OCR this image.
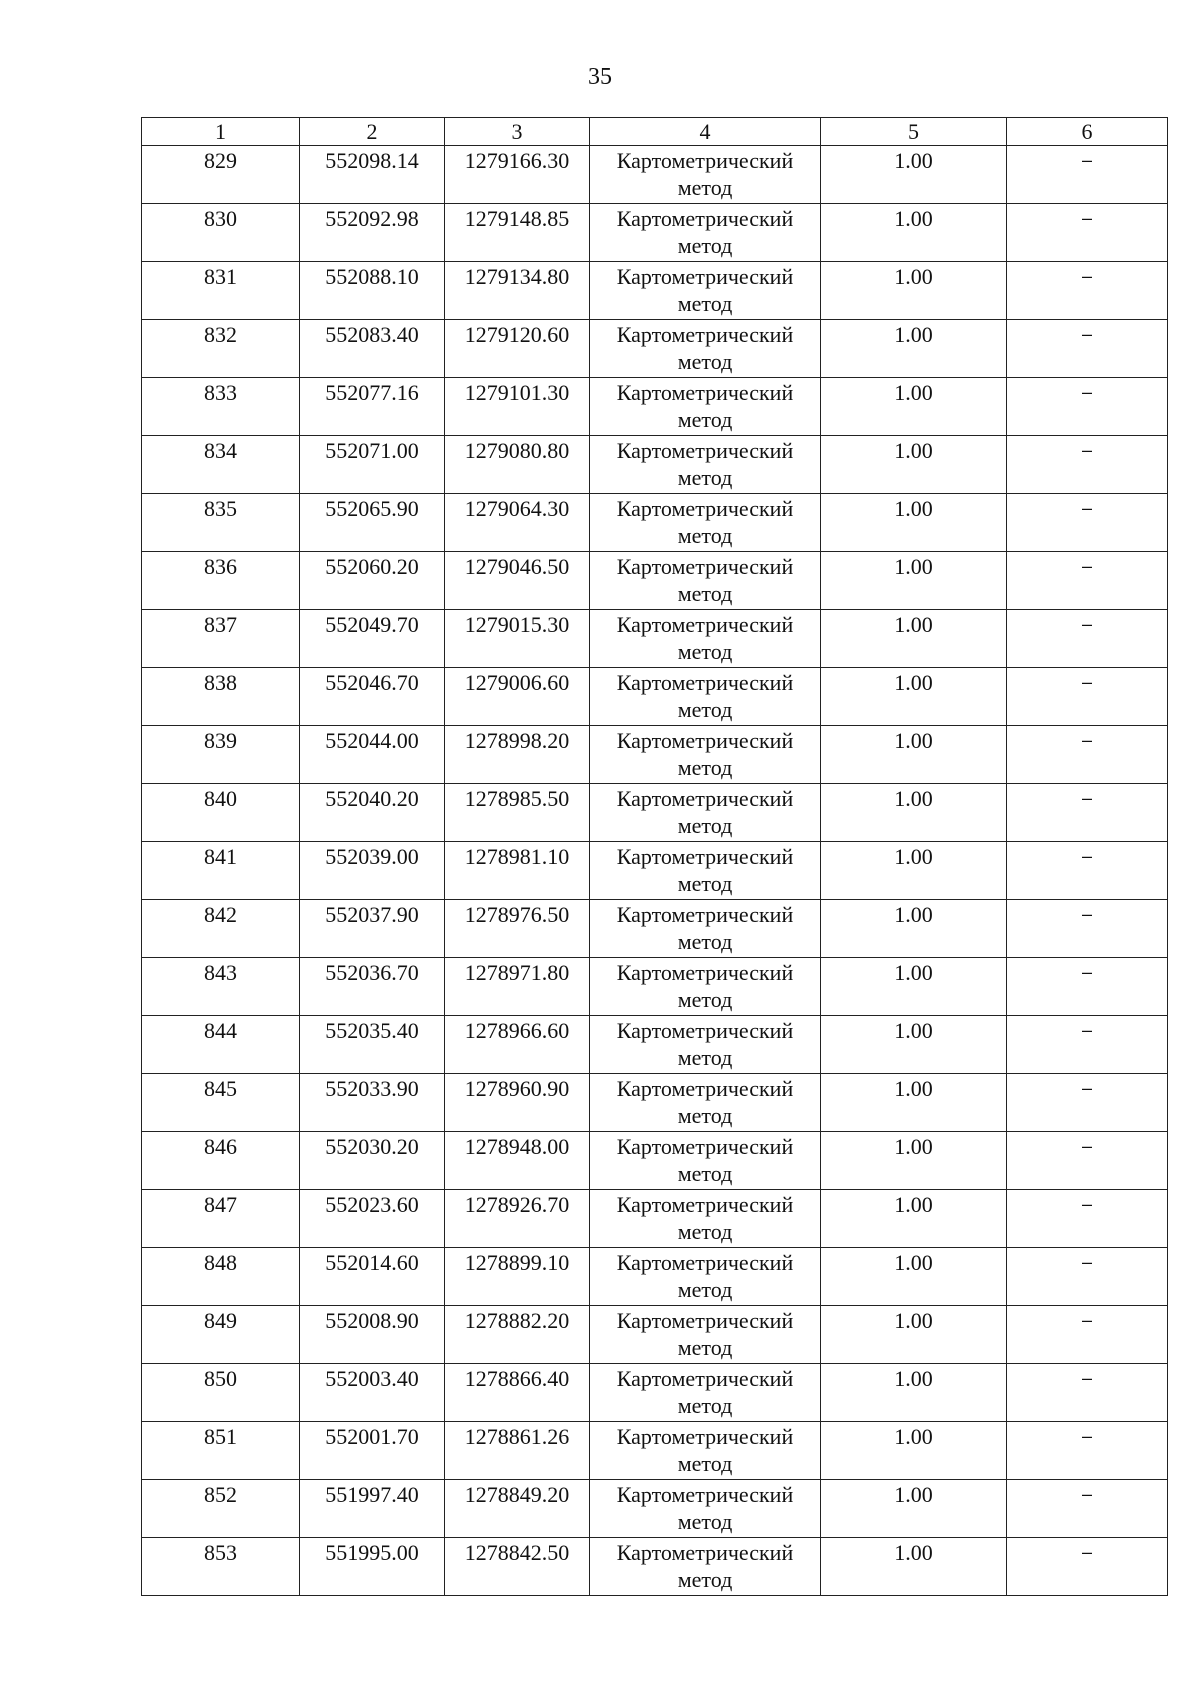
35
1	2	3	4	5	6
829	552098.14	1279166.30	Картометрический метод	1.00	–
830	552092.98	1279148.85	Картометрический метод	1.00	–
831	552088.10	1279134.80	Картометрический метод	1.00	–
832	552083.40	1279120.60	Картометрический метод	1.00	–
833	552077.16	1279101.30	Картометрический метод	1.00	–
834	552071.00	1279080.80	Картометрический метод	1.00	–
835	552065.90	1279064.30	Картометрический метод	1.00	–
836	552060.20	1279046.50	Картометрический метод	1.00	–
837	552049.70	1279015.30	Картометрический метод	1.00	–
838	552046.70	1279006.60	Картометрический метод	1.00	–
839	552044.00	1278998.20	Картометрический метод	1.00	–
840	552040.20	1278985.50	Картометрический метод	1.00	–
841	552039.00	1278981.10	Картометрический метод	1.00	–
842	552037.90	1278976.50	Картометрический метод	1.00	–
843	552036.70	1278971.80	Картометрический метод	1.00	–
844	552035.40	1278966.60	Картометрический метод	1.00	–
845	552033.90	1278960.90	Картометрический метод	1.00	–
846	552030.20	1278948.00	Картометрический метод	1.00	–
847	552023.60	1278926.70	Картометрический метод	1.00	–
848	552014.60	1278899.10	Картометрический метод	1.00	–
849	552008.90	1278882.20	Картометрический метод	1.00	–
850	552003.40	1278866.40	Картометрический метод	1.00	–
851	552001.70	1278861.26	Картометрический метод	1.00	–
852	551997.40	1278849.20	Картометрический метод	1.00	–
853	551995.00	1278842.50	Картометрический метод	1.00	–
